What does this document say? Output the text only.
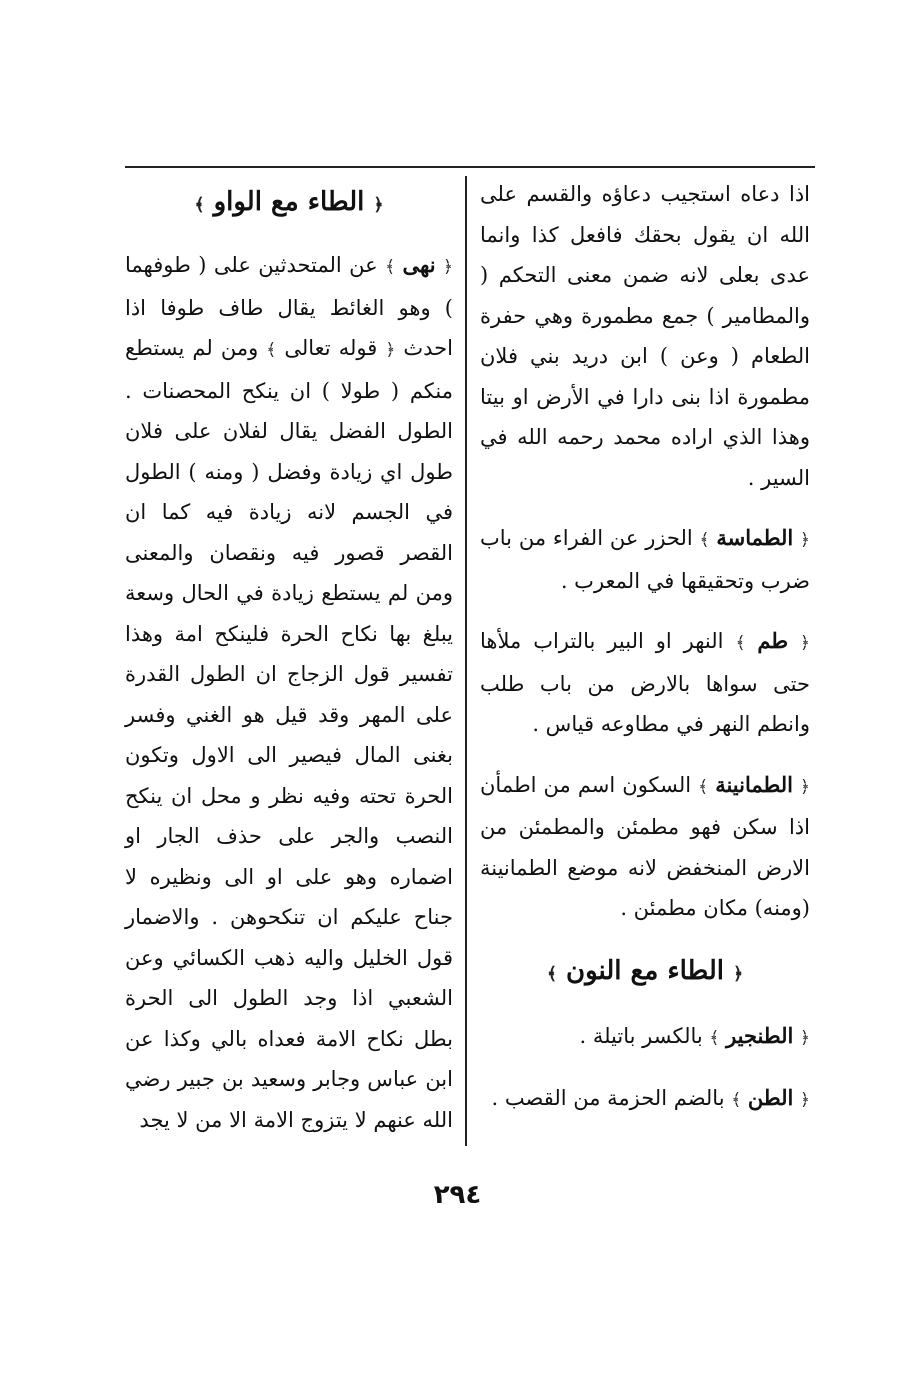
اذا دعاه استجيب دعاؤه والقسم على الله ان يقول بحقك فافعل كذا وانما عدى بعلى لانه ضمن معنى التحكم ( والمطامير ) جمع مطمورة وهي حفرة الطعام ( وعن ) ابن دريد بني فلان مطمورة اذا بنى دارا في الأرض او بيتا وهذا الذي اراده محمد رحمه الله في السير .

﴿ الطماسة ﴾ الحزر عن الفراء من باب ضرب وتحقيقها في المعرب .

﴿ طم ﴾ النهر او البير بالتراب ملأها حتى سواها بالارض من باب طلب وانطم النهر في مطاوعه قياس .

﴿ الطمانينة ﴾ السكون اسم من اطمأن اذا سكن فهو مطمئن والمطمئن من الارض المنخفض لانه موضع الطمانينة (ومنه) مكان مطمئن .

﴿ الطاء مع النون ﴾

﴿ الطنجير ﴾ بالكسر باتيلة .

﴿ الطن ﴾ بالضم الحزمة من القصب .

﴿ الطاء مع الواو ﴾

﴿ نهى ﴾ عن المتحدثين على ( طوفهما ) وهو الغائط يقال طاف طوفا اذا احدث ﴿ قوله تعالى ﴾ ومن لم يستطع منكم ( طولا ) ان ينكح المحصنات . الطول الفضل يقال لفلان على فلان طول اي زيادة وفضل ( ومنه ) الطول في الجسم لانه زيادة فيه كما ان القصر قصور فيه ونقصان والمعنى ومن لم يستطع زيادة في الحال وسعة يبلغ بها نكاح الحرة فلينكح امة وهذا تفسير قول الزجاج ان الطول القدرة على المهر وقد قيل هو الغني وفسر بغنى المال فيصير الى الاول وتكون الحرة تحته وفيه نظر و محل ان ينكح النصب والجر على حذف الجار او اضماره وهو على او الى ونظيره لا جناح عليكم ان تنكحوهن . والاضمار قول الخليل واليه ذهب الكسائي وعن الشعبي اذا وجد الطول الى الحرة بطل نكاح الامة فعداه بالي وكذا عن ابن عباس وجابر وسعيد بن جبير رضي الله عنهم لا يتزوج الامة الا من لا يجد

٢٩٤
